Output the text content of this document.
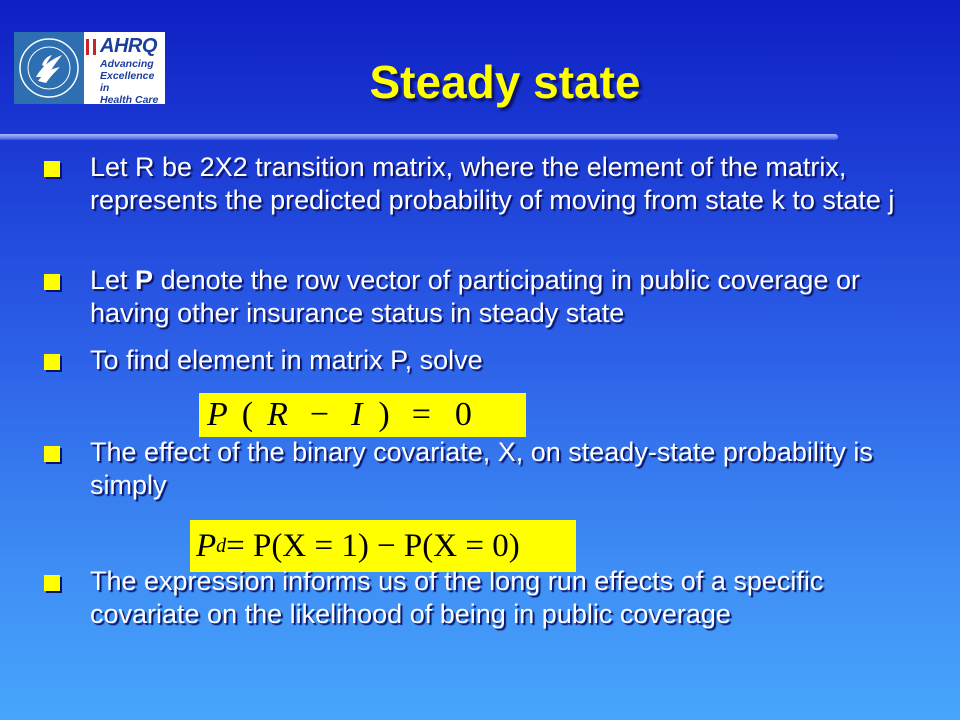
AHRQ
Advancing
Excellence in
Health Care	Steady state
Let R be 2X2 transition matrix, where the element of the matrix, represents the predicted probability of moving from state k to state j
Let P denote the row vector of participating in public coverage or having other insurance status in steady state
To find element in matrix P, solve
P ( R − I ) = 0
The effect of the binary covariate, X, on steady-state probability is simply
P d = P(X = 1) − P(X = 0)
The expression informs us of the long run effects of a specific covariate on the likelihood of being in public coverage
